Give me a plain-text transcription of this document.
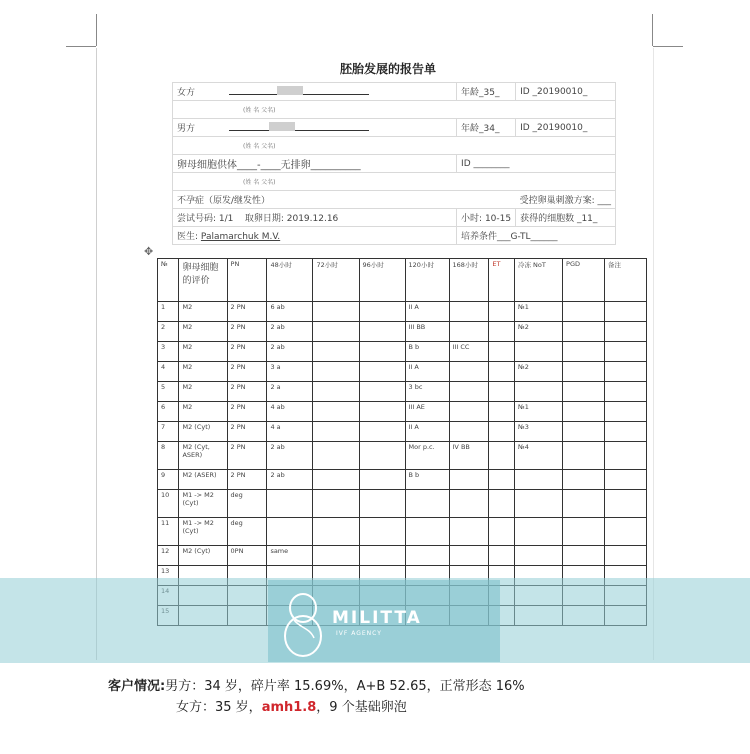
胚胎发展的报告单
女方	年龄_35_	ID _20190010_
(姓 名 父名)		
男方	年龄_34_	ID _20190010_
(姓 名 父名)		
卵母细胞供体____-____无排卵__________	ID ________	
(姓 名 父名)		
不孕症（原发/继发性）		受控卵巢刺激方案: ___
尝试号码: 1/1 取卵日期: 2019.12.16	小时: 10-15	获得的细胞数 _11_
医生: Palamarchuk M.V.	培养条件___G-TL______	
✥
№	卵母细胞的评价	PN	48小时	72小时	96小时	120小时	168小时	ET	冷冻 NoT	PGD	备注
1	M2	2 PN	6 ab			II A			№1		
2	M2	2 PN	2 ab			III BB			№2		
3	M2	2 PN	2 ab			B b	III CC				
4	M2	2 PN	3 a			II A			№2		
5	M2	2 PN	2 a			3 bc					
6	M2	2 PN	4 ab			III AE			№1		
7	M2 (Cyt)	2 PN	4 a			II A			№3		
8	M2 (Cyt, ASER)	2 PN	2 ab			Mor p.c.	IV BB		№4		
9	M2 (ASER)	2 PN	2 ab			B b					
10	M1 -> M2 (Cyt)	deg									
11	M1 -> M2 (Cyt)	deg									
12	M2 (Cyt)	0PN	same								
13											

MILITTA
IVF AGENCY
客户情况:男方：34 岁，碎片率 15.69%，A+B 52.65，正常形态 16%
女方：35 岁，amh1.8，9 个基础卵泡
